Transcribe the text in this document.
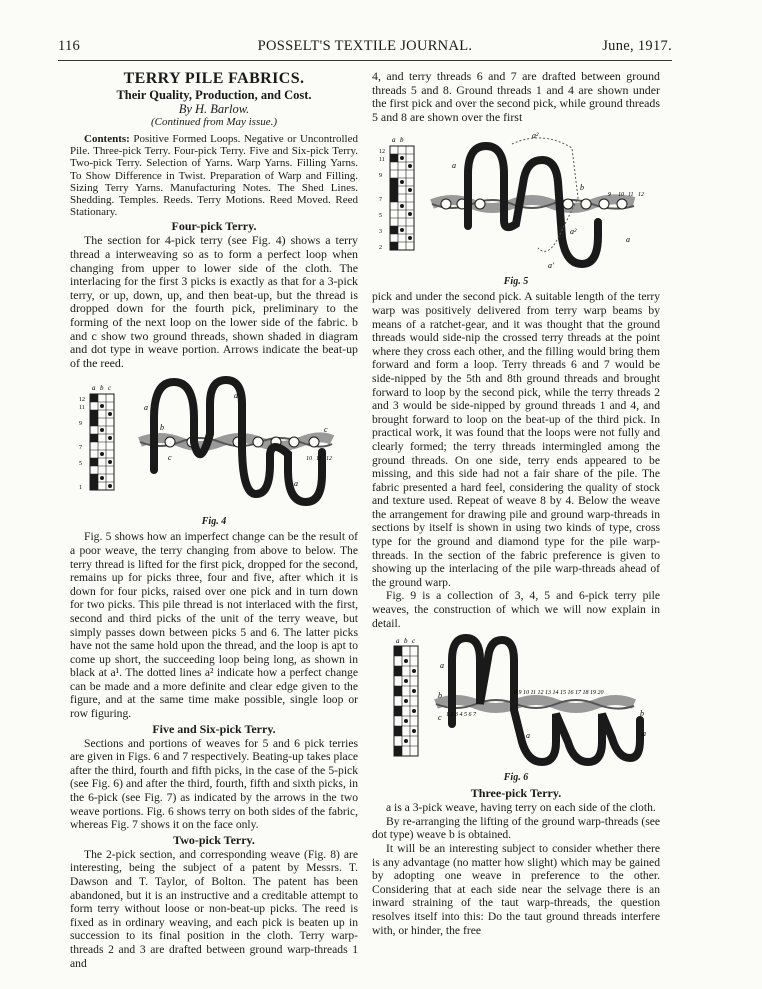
116	POSSELT'S TEXTILE JOURNAL.	June, 1917.
TERRY PILE FABRICS.
Their Quality, Production, and Cost.
By H. Barlow.
(Continued from May issue.)

Contents: Positive Formed Loops. Negative or Uncontrolled Pile. Three-pick Terry. Four-pick Terry. Five and Six-pick Terry. Two-pick Terry. Selection of Yarns. Warp Yarns. Filling Yarns. To Show Difference in Twist. Preparation of Warp and Filling. Sizing Terry Yarns. Manufacturing Notes. The Shed Lines. Shedding. Temples. Reeds. Terry Motions. Reed Moved. Reed Stationary.

Four-pick Terry.

The section for 4-pick terry (see Fig. 4) shows a terry thread a interweaving so as to form a perfect loop when changing from upper to lower side of the cloth. The interlacing for the first 3 picks is exactly as that for a 3-pick terry, or up, down, up, and then beat-up, but the thread is dropped down for the fourth pick, preliminary to the forming of the next loop on the lower side of the fabric. b and c show two ground threads, shown shaded in diagram and dot type in weave portion. Arrows indicate the beat-up of the reed.

a b c
12
11
9
7
5
1
a
a
b	c
c
a
10 11 12
Fig. 4

Fig. 5 shows how an imperfect change can be the result of a poor weave, the terry changing from above to below. The terry thread is lifted for the first pick, dropped for the second, remains up for picks three, four and five, after which it is down for four picks, raised over one pick and in turn down for two picks. This pile thread is not interlaced with the first, second and third picks of the unit of the terry weave, but simply passes down between picks 5 and 6. The latter picks have not the same hold upon the thread, and the loop is apt to come up short, the succeeding loop being long, as shown in black at a¹. The dotted lines a² indicate how a perfect change can be made and a more definite and clear edge given to the figure, and at the same time make possible, single loop or row figuring.

Five and Six-pick Terry.

Sections and portions of weaves for 5 and 6 pick terries are given in Figs. 6 and 7 respectively. Beating-up takes place after the third, fourth and fifth picks, in the case of the 5-pick (see Fig. 6) and after the third, fourth, fifth and sixth picks, in the 6-pick (see Fig. 7) as indicated by the arrows in the two weave portions. Fig. 6 shows terry on both sides of the fabric, whereas Fig. 7 shows it on the face only.

Two-pick Terry.

The 2-pick section, and corresponding weave (Fig. 8) are interesting, being the subject of a patent by Messrs. T. Dawson and T. Taylor, of Bolton. The patent has been abandoned, but it is an instructive and a creditable attempt to form terry without loose or non-beat-up picks. The reed is fixed as in ordinary weaving, and each pick is beaten up in succession to its final position in the cloth. Terry warp-threads 2 and 3 are drafted between ground warp-threads 1 and

4, and terry threads 6 and 7 are drafted between ground threads 5 and 8. Ground threads 1 and 4 are shown under the first pick and over the second pick, while ground threads 5 and 8 are shown over the first

a b
12
11
9
7
5
3
2
a
a²
b
a²
a
a'
9 10 11 12
Fig. 5

pick and under the second pick. A suitable length of the terry warp was positively delivered from terry warp beams by means of a ratchet-gear, and it was thought that the ground threads would side-nip the crossed terry threads at the point where they cross each other, and the filling would bring them forward and form a loop. Terry threads 6 and 7 would be side-nipped by the 5th and 8th ground threads and brought forward to loop by the second pick, while the terry threads 2 and 3 would be side-nipped by ground threads 1 and 4, and brought forward to loop on the beat-up of the third pick. In practical work, it was found that the loops were not fully and clearly formed; the terry threads intermingled among the ground threads. On one side, terry ends appeared to be missing, and this side had not a fair share of the pile. The fabric presented a hard feel, considering the quality of stock and texture used. Repeat of weave 8 by 4. Below the weave the arrangement for drawing pile and ground warp-threads in sections by itself is shown in using two kinds of type, cross type for the ground and diamond type for the pile warp-threads. In the section of the fabric preference is given to showing up the interlacing of the pile warp-threads ahead of the ground warp.

Fig. 9 is a collection of 3, 4, 5 and 6-pick terry pile weaves, the construction of which we will now explain in detail.

a b c
a
b
c	b
a	a
8 9 10 11 12 13 14 15 16 17 18 19 20
1 2 3 4 5 6 7
Fig. 6
Three-pick Terry.

a is a 3-pick weave, having terry on each side of the cloth.

By re-arranging the lifting of the ground warp-threads (see dot type) weave b is obtained.

It will be an interesting subject to consider whether there is any advantage (no matter how slight) which may be gained by adopting one weave in preference to the other. Considering that at each side near the selvage there is an inward straining of the taut warp-threads, the question resolves itself into this: Do the taut ground threads interfere with, or hinder, the free
